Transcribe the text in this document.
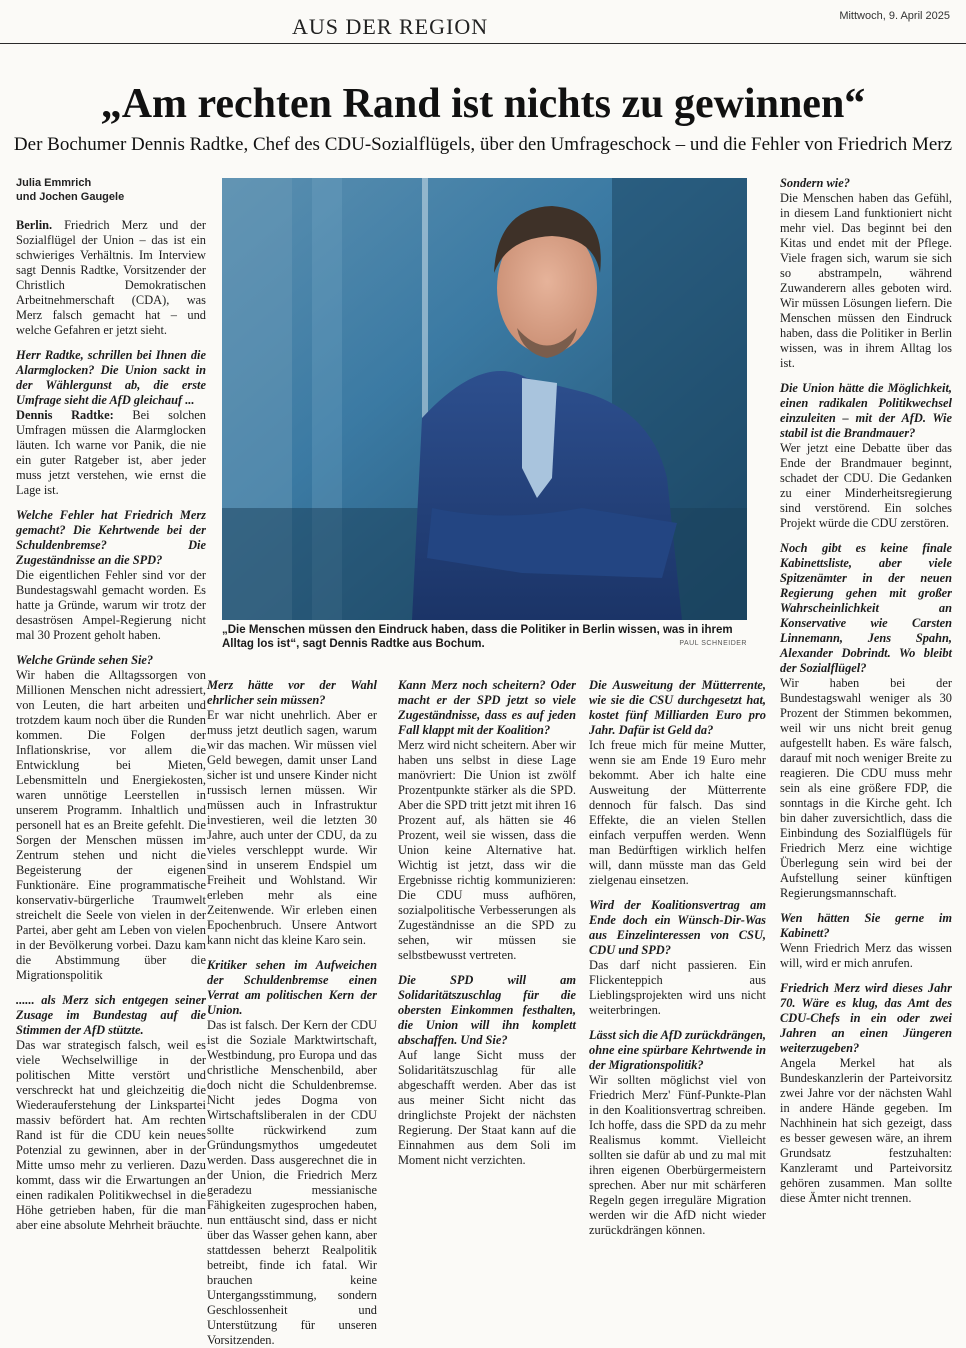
AUS DER REGION	Mittwoch, 9. April 2025
„Am rechten Rand ist nichts zu gewinnen“
Der Bochumer Dennis Radtke, Chef des CDU-Sozialflügels, über den Umfrageschock – und die Fehler von Friedrich Merz
Julia Emmrich
und Jochen Gaugele

Berlin. Friedrich Merz und der Sozialflügel der Union – das ist ein schwieriges Verhältnis. Im Interview sagt Dennis Radtke, Vorsitzender der Christlich Demokratischen Arbeitnehmerschaft (CDA), was Merz falsch gemacht hat – und welche Gefahren er jetzt sieht.

Herr Radtke, schrillen bei Ihnen die Alarmglocken? Die Union sackt in der Wählergunst ab, die erste Umfrage sieht die AfD gleichauf ...

Dennis Radtke: Bei solchen Umfragen müssen die Alarmglocken läuten. Ich warne vor Panik, die nie ein guter Ratgeber ist, aber jeder muss jetzt verstehen, wie ernst die Lage ist.

Welche Fehler hat Friedrich Merz gemacht? Die Kehrtwende bei der Schuldenbremse? Die Zugeständnisse an die SPD?

Die eigentlichen Fehler sind vor der Bundestagswahl gemacht worden. Es hatte ja Gründe, warum wir trotz der desaströsen Ampel-Regierung nicht mal 30 Prozent geholt haben.

Welche Gründe sehen Sie?

Wir haben die Alltagssorgen von Millionen Menschen nicht adressiert, von Leuten, die hart arbeiten und trotzdem kaum noch über die Runden kommen. Die Folgen der Inflationskrise, vor allem die Entwicklung bei Mieten, Lebensmitteln und Energiekosten, waren unnötige Leerstellen in unserem Programm. Inhaltlich und personell hat es an Breite gefehlt. Die Sorgen der Menschen müssen im Zentrum stehen und nicht die Begeisterung der eigenen Funktionäre. Eine programmatische konservativ-bürgerliche Traumwelt streichelt die Seele von vielen in der Partei, aber geht am Leben von vielen in der Bevölkerung vorbei. Dazu kam die Abstimmung über die Migrationspolitik

...... als Merz sich entgegen seiner Zusage im Bundestag auf die Stimmen der AfD stützte.

Das war strategisch falsch, weil es viele Wechselwillige in der politischen Mitte verstört und verschreckt hat und gleichzeitig die Wiederauferstehung der Linkspartei massiv befördert hat. Am rechten Rand ist für die CDU kein neues Potenzial zu gewinnen, aber in der Mitte umso mehr zu verlieren. Dazu kommt, dass wir die Erwartungen an einen radikalen Politikwechsel in die Höhe getrieben haben, für die man aber eine absolute Mehrheit bräuchte.

„Die Menschen müssen den Eindruck haben, dass die Politiker in Berlin wissen, was in ihrem Alltag los ist“, sagt Dennis Radtke aus Bochum.	PAUL SCHNEIDER

Merz hätte vor der Wahl ehrlicher sein müssen?

Er war nicht unehrlich. Aber er muss jetzt deutlich sagen, warum wir das machen. Wir müssen viel Geld bewegen, damit unser Land sicher ist und unsere Kinder nicht russisch lernen müssen. Wir müssen auch in Infrastruktur investieren, weil die letzten 30 Jahre, auch unter der CDU, da zu vieles verschleppt wurde. Wir sind in unserem Endspiel um Freiheit und Wohlstand. Wir erleben mehr als eine Zeitenwende. Wir erleben einen Epochenbruch. Unsere Antwort kann nicht das kleine Karo sein.

Kritiker sehen im Aufweichen der Schuldenbremse einen Verrat am politischen Kern der Union.

Das ist falsch. Der Kern der CDU ist die Soziale Marktwirtschaft, Westbindung, pro Europa und das christliche Menschenbild, aber doch nicht die Schuldenbremse. Nicht jedes Dogma von Wirtschaftsliberalen in der CDU sollte rückwirkend zum Gründungsmythos umgedeutet werden. Dass ausgerechnet die in der Union, die Friedrich Merz geradezu messianische Fähigkeiten zugesprochen haben, nun enttäuscht sind, dass er nicht über das Wasser gehen kann, aber stattdessen beherzt Realpolitik betreibt, finde ich fatal. Wir brauchen keine Untergangsstimmung, sondern Geschlossenheit und Unterstützung für unseren Vorsitzenden.

Kann Merz noch scheitern? Oder macht er der SPD jetzt so viele Zugeständnisse, dass es auf jeden Fall klappt mit der Koalition?

Merz wird nicht scheitern. Aber wir haben uns selbst in diese Lage manövriert: Die Union ist zwölf Prozentpunkte stärker als die SPD. Aber die SPD tritt jetzt mit ihren 16 Prozent auf, als hätten sie 46 Prozent, weil sie wissen, dass die Union keine Alternative hat. Wichtig ist jetzt, dass wir die Ergebnisse richtig kommunizieren: Die CDU muss aufhören, sozialpolitische Verbesserungen als Zugeständnisse an die SPD zu sehen, wir müssen sie selbstbewusst vertreten.

Die SPD will am Solidaritätszuschlag für die obersten Einkommen festhalten, die Union will ihn komplett abschaffen. Und Sie?

Auf lange Sicht muss der Solidaritätszuschlag für alle abgeschafft werden. Aber das ist aus meiner Sicht nicht das dringlichste Projekt der nächsten Regierung. Der Staat kann auf die Einnahmen aus dem Soli im Moment nicht verzichten.

Die Ausweitung der Mütterrente, wie sie die CSU durchgesetzt hat, kostet fünf Milliarden Euro pro Jahr. Dafür ist Geld da?

Ich freue mich für meine Mutter, wenn sie am Ende 19 Euro mehr bekommt. Aber ich halte eine Ausweitung der Mütterrente dennoch für falsch. Das sind Effekte, die an vielen Stellen einfach verpuffen werden. Wenn man Bedürftigen wirklich helfen will, dann müsste man das Geld zielgenau einsetzen.

Wird der Koalitionsvertrag am Ende doch ein Wünsch-Dir-Was aus Einzelinteressen von CSU, CDU und SPD?

Das darf nicht passieren. Ein Flickenteppich aus Lieblingsprojekten wird uns nicht weiterbringen.

Lässt sich die AfD zurückdrängen, ohne eine spürbare Kehrtwende in der Migrationspolitik?

Wir sollten möglichst viel von Friedrich Merz' Fünf-Punkte-Plan in den Koalitionsvertrag schreiben. Ich hoffe, dass die SPD da zu mehr Realismus kommt. Vielleicht sollten sie dafür ab und zu mal mit ihren eigenen Oberbürgermeistern sprechen. Aber nur mit schärferen Regeln gegen irreguläre Migration werden wir die AfD nicht wieder zurückdrängen können.

Sondern wie?

Die Menschen haben das Gefühl, in diesem Land funktioniert nicht mehr viel. Das beginnt bei den Kitas und endet mit der Pflege. Viele fragen sich, warum sie sich so abstrampeln, während Zuwanderern alles geboten wird. Wir müssen Lösungen liefern. Die Menschen müssen den Eindruck haben, dass die Politiker in Berlin wissen, was in ihrem Alltag los ist.

Die Union hätte die Möglichkeit, einen radikalen Politikwechsel einzuleiten – mit der AfD. Wie stabil ist die Brandmauer?

Wer jetzt eine Debatte über das Ende der Brandmauer beginnt, schadet der CDU. Die Gedanken zu einer Minderheitsregierung sind verstörend. Ein solches Projekt würde die CDU zerstören.

Noch gibt es keine finale Kabinettsliste, aber viele Spitzenämter in der neuen Regierung gehen mit großer Wahrscheinlichkeit an Konservative wie Carsten Linnemann, Jens Spahn, Alexander Dobrindt. Wo bleibt der Sozialflügel?

Wir haben bei der Bundestagswahl weniger als 30 Prozent der Stimmen bekommen, weil wir uns nicht breit genug aufgestellt haben. Es wäre falsch, darauf mit noch weniger Breite zu reagieren. Die CDU muss mehr sein als eine größere FDP, die sonntags in die Kirche geht. Ich bin daher zuversichtlich, dass die Einbindung des Sozialflügels für Friedrich Merz eine wichtige Überlegung sein wird bei der Aufstellung seiner künftigen Regierungsmannschaft.

Wen hätten Sie gerne im Kabinett?

Wenn Friedrich Merz das wissen will, wird er mich anrufen.

Friedrich Merz wird dieses Jahr 70. Wäre es klug, das Amt des CDU-Chefs in ein oder zwei Jahren an einen Jüngeren weiterzugeben?

Angela Merkel hat als Bundeskanzlerin der Parteivorsitz zwei Jahre vor der nächsten Wahl in andere Hände gegeben. Im Nachhinein hat sich gezeigt, dass es besser gewesen wäre, an ihrem Grundsatz festzuhalten: Kanzleramt und Parteivorsitz gehören zusammen. Man sollte diese Ämter nicht trennen.
